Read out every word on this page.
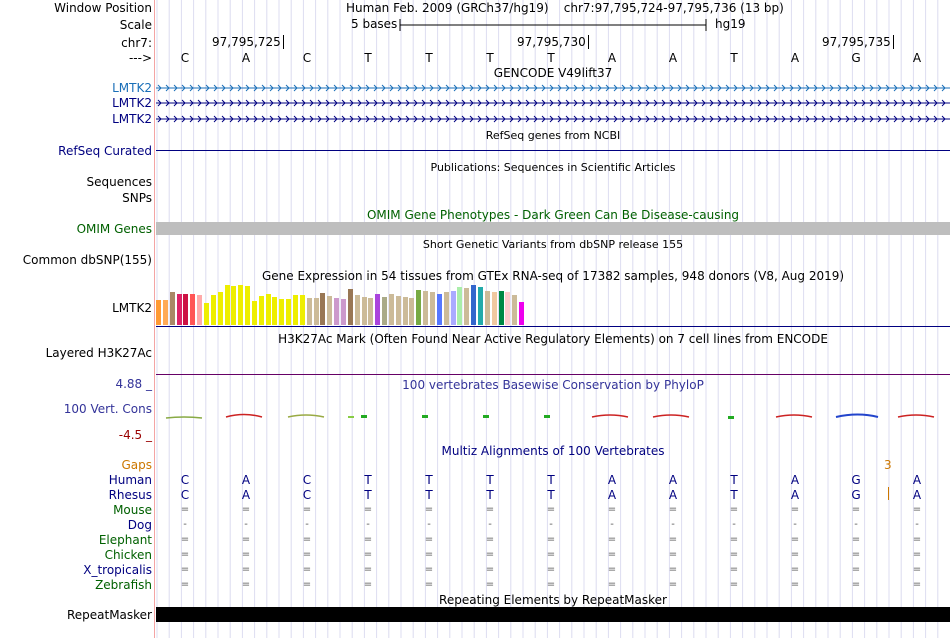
Window Position	Human Feb. 2009 (GRCh37/hg19) chr7:97,795,724-97,795,736 (13 bp)
Scale	5 bases	hg19
chr7:	97,795,725	97,795,730	97,795,735
--->	C	A	C	T	T	T	T	A	A	T	A	G	A
GENCODE V49lift37
LMTK2
LMTK2
LMTK2
RefSeq genes from NCBI
RefSeq Curated
Publications: Sequences in Scientific Articles
Sequences
SNPs
OMIM Gene Phenotypes - Dark Green Can Be Disease-causing
OMIM Genes
Short Genetic Variants from dbSNP release 155
Common dbSNP(155)
Gene Expression in 54 tissues from GTEx RNA-seq of 17382 samples, 948 donors (V8, Aug 2019)
LMTK2
H3K27Ac Mark (Often Found Near Active Regulatory Elements) on 7 cell lines from ENCODE
Layered H3K27Ac
100 vertebrates Basewise Conservation by PhyloP
4.88 _
100 Vert. Cons
-4.5 _
Multiz Alignments of 100 Vertebrates
Gaps	3
Human	C	A	C	T	T	T	T	A	A	T	A	G	A
Rhesus	C	A	C	T	T	T	T	A	A	T	A	G	A
Mouse	=	=	=	=	=	=	=	=	=	=	=	=	=
Dog	-	-	-	-	-	-	-	-	-	-	-	-	-
Elephant	=	=	=	=	=	=	=	=	=	=	=	=	=
Chicken	=	=	=	=	=	=	=	=	=	=	=	=	=
X_tropicalis	=	=	=	=	=	=	=	=	=	=	=	=	=
Zebrafish	=	=	=	=	=	=	=	=	=	=	=	=	=
Repeating Elements by RepeatMasker
RepeatMasker
